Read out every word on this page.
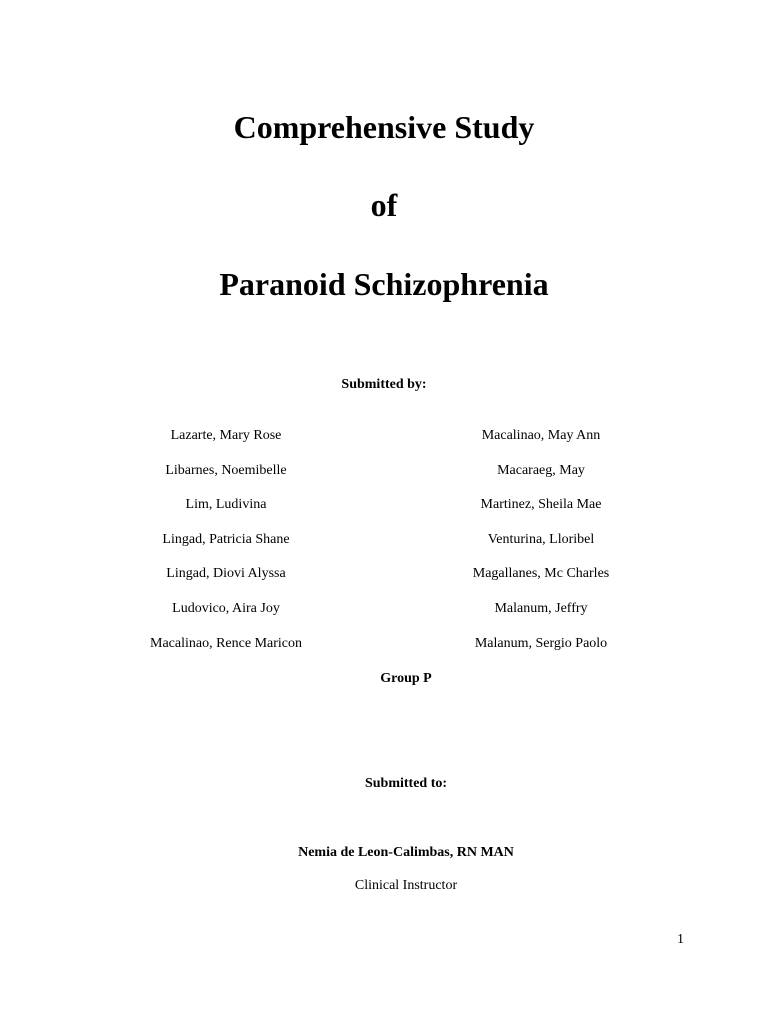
Comprehensive Study
of
Paranoid Schizophrenia
Submitted by:
Lazarte, Mary Rose
Libarnes, Noemibelle
Lim, Ludivina
Lingad, Patricia Shane
Lingad, Diovi Alyssa
Ludovico, Aira Joy
Macalinao, Rence Maricon
Macalinao, May Ann
Macaraeg, May
Martinez, Sheila Mae
Venturina, Lloribel
Magallanes, Mc Charles
Malanum, Jeffry
Malanum, Sergio Paolo
Group P
Submitted to:
Nemia de Leon-Calimbas, RN MAN
Clinical Instructor
1
